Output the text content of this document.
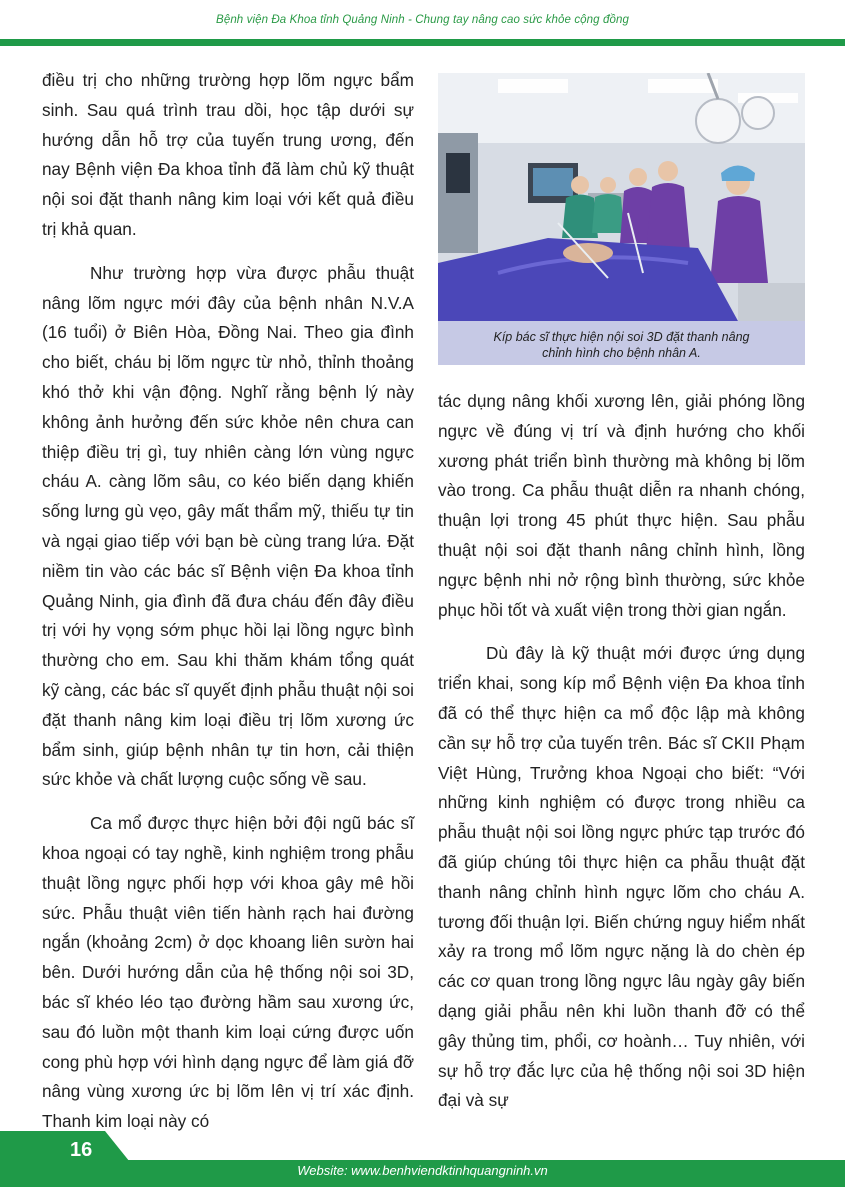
Bệnh viện Đa Khoa tỉnh Quảng Ninh - Chung tay nâng cao sức khỏe cộng đồng

điều trị cho những trường hợp lõm ngực bẩm sinh. Sau quá trình trau dồi, học tập dưới sự hướng dẫn hỗ trợ của tuyến trung ương, đến nay Bệnh viện Đa khoa tỉnh đã làm chủ kỹ thuật nội soi đặt thanh nâng kim loại với kết quả điều trị khả quan.

Như trường hợp vừa được phẫu thuật nâng lõm ngực mới đây của bệnh nhân N.V.A (16 tuổi) ở Biên Hòa, Đồng Nai. Theo gia đình cho biết, cháu bị lõm ngực từ nhỏ, thỉnh thoảng khó thở khi vận động. Nghĩ rằng bệnh lý này không ảnh hưởng đến sức khỏe nên chưa can thiệp điều trị gì, tuy nhiên càng lớn vùng ngực cháu A. càng lõm sâu, co kéo biến dạng khiến sống lưng gù vẹo, gây mất thẩm mỹ, thiếu tự tin và ngại giao tiếp với bạn bè cùng trang lứa. Đặt niềm tin vào các bác sĩ Bệnh viện Đa khoa tỉnh Quảng Ninh, gia đình đã đưa cháu đến đây điều trị với hy vọng sớm phục hồi lại lồng ngực bình thường cho em. Sau khi thăm khám tổng quát kỹ càng, các bác sĩ quyết định phẫu thuật nội soi đặt thanh nâng kim loại điều trị lõm xương ức bẩm sinh, giúp bệnh nhân tự tin hơn, cải thiện sức khỏe và chất lượng cuộc sống về sau.

Ca mổ được thực hiện bởi đội ngũ bác sĩ khoa ngoại có tay nghề, kinh nghiệm trong phẫu thuật lồng ngực phối hợp với khoa gây mê hồi sức. Phẫu thuật viên tiến hành rạch hai đường ngắn (khoảng 2cm) ở dọc khoang liên sườn hai bên. Dưới hướng dẫn của hệ thống nội soi 3D, bác sĩ khéo léo tạo đường hầm sau xương ức, sau đó luồn một thanh kim loại cứng được uốn cong phù hợp với hình dạng ngực để làm giá đỡ nâng vùng xương ức bị lõm lên vị trí xác định. Thanh kim loại này có

Kíp bác sĩ thực hiện nội soi 3D đặt thanh nâng
chỉnh hình cho bệnh nhân A.

tác dụng nâng khối xương lên, giải phóng lồng ngực về đúng vị trí và định hướng cho khối xương phát triển bình thường mà không bị lõm vào trong. Ca phẫu thuật diễn ra nhanh chóng, thuận lợi trong 45 phút thực hiện. Sau phẫu thuật nội soi đặt thanh nâng chỉnh hình, lồng ngực bệnh nhi nở rộng bình thường, sức khỏe phục hồi tốt và xuất viện trong thời gian ngắn.

Dù đây là kỹ thuật mới được ứng dụng triển khai, song kíp mổ Bệnh viện Đa khoa tỉnh đã có thể thực hiện ca mổ độc lập mà không cần sự hỗ trợ của tuyến trên. Bác sĩ CKII Phạm Việt Hùng, Trưởng khoa Ngoại cho biết: “Với những kinh nghiệm có được trong nhiều ca phẫu thuật nội soi lồng ngực phức tạp trước đó đã giúp chúng tôi thực hiện ca phẫu thuật đặt thanh nâng chỉnh hình ngực lõm cho cháu A. tương đối thuận lợi. Biến chứng nguy hiểm nhất xảy ra trong mổ lõm ngực nặng là do chèn ép các cơ quan trong lồng ngực lâu ngày gây biến dạng giải phẫu nên khi luồn thanh đỡ có thể gây thủng tim, phổi, cơ hoành… Tuy nhiên, với sự hỗ trợ đắc lực của hệ thống nội soi 3D hiện đại và sự

16
Website: www.benhviendktinhquangninh.vn
